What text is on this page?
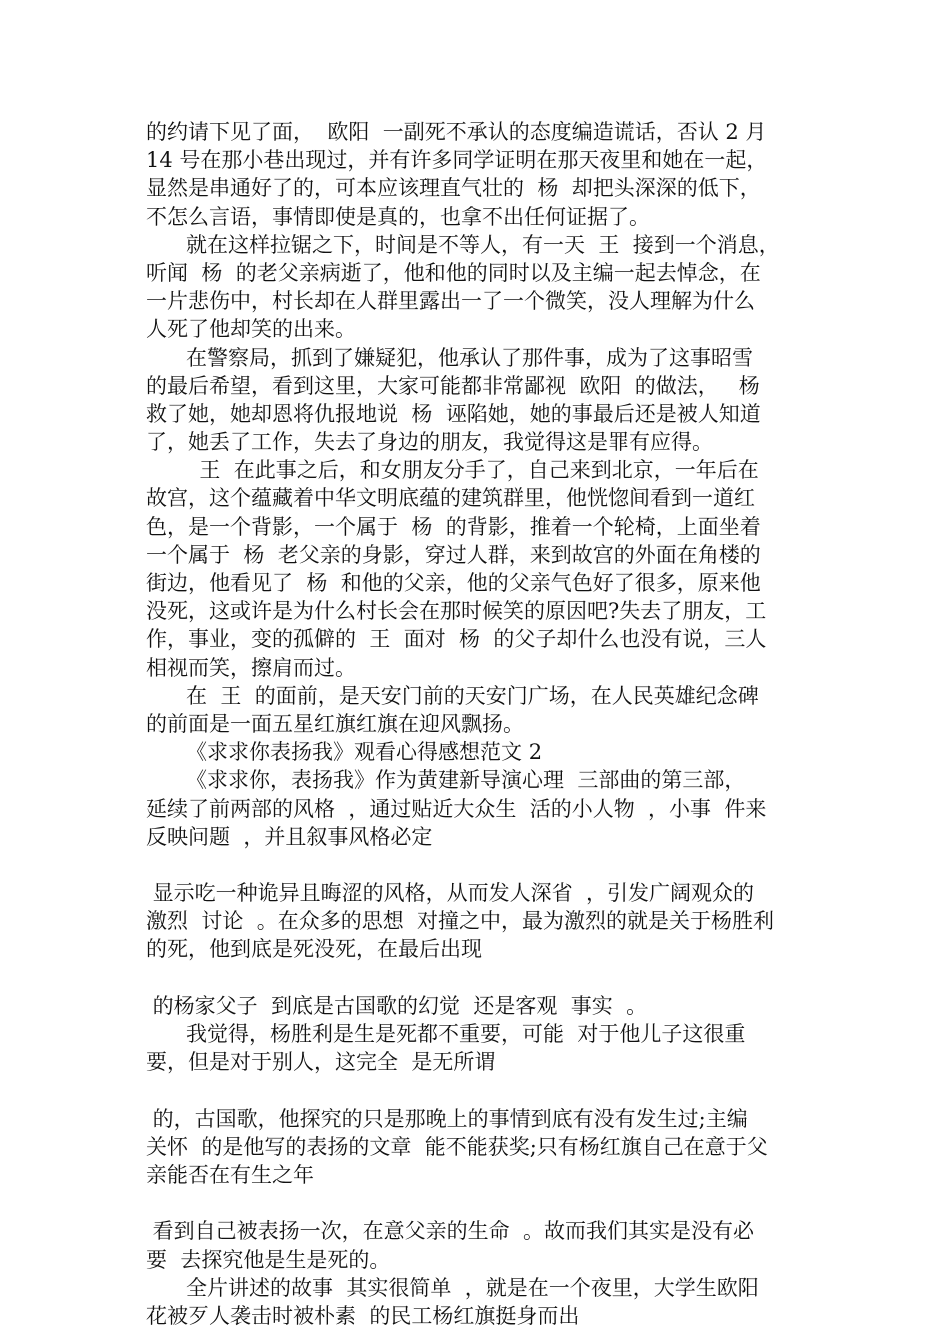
的约请下见了面，  欧阳  一副死不承认的态度编造谎话，否认 2 月
14 号在那小巷出现过，并有许多同学证明在那天夜里和她在一起，
显然是串通好了的，可本应该理直气壮的  杨  却把头深深的低下，
不怎么言语，事情即使是真的，也拿不出任何证据了。
就在这样拉锯之下，时间是不等人，有一天  王  接到一个消息，
听闻  杨  的老父亲病逝了，他和他的同时以及主编一起去悼念，在
一片悲伤中，村长却在人群里露出一了一个微笑，没人理解为什么
人死了他却笑的出来。
在警察局，抓到了嫌疑犯，他承认了那件事，成为了这事昭雪
的最后希望，看到这里，大家可能都非常鄙视  欧阳  的做法，   杨
救了她，她却恩将仇报地说  杨  诬陷她，她的事最后还是被人知道
了，她丢了工作，失去了身边的朋友，我觉得这是罪有应得。
王  在此事之后，和女朋友分手了，自己来到北京，一年后在
故宫，这个蕴藏着中华文明底蕴的建筑群里，他恍惚间看到一道红
色，是一个背影，一个属于  杨  的背影，推着一个轮椅，上面坐着
一个属于  杨  老父亲的身影，穿过人群，来到故宫的外面在角楼的
街边，他看见了  杨  和他的父亲，他的父亲气色好了很多，原来他
没死，这或许是为什么村长会在那时候笑的原因吧?失去了朋友，工
作，事业，变的孤僻的  王  面对  杨  的父子却什么也没有说，三人
相视而笑，擦肩而过。
在  王  的面前，是天安门前的天安门广场，在人民英雄纪念碑
的前面是一面五星红旗红旗在迎风飘扬。
《求求你表扬我》观看心得感想范文 2
《求求你，表扬我》作为黄建新导演心理  三部曲的第三部，
延续了前两部的风格  ，通过贴近大众生  活的小人物  ，小事  件来
反映问题  ，并且叙事风格必定
显示吃一种诡异且晦涩的风格，从而发人深省  ，引发广阔观众的
激烈  讨论  。在众多的思想  对撞之中，最为激烈的就是关于杨胜利
的死，他到底是死没死，在最后出现
的杨家父子  到底是古国歌的幻觉  还是客观  事实  。
我觉得，杨胜利是生是死都不重要，可能  对于他儿子这很重
要，但是对于别人，这完全  是无所谓
的，古国歌，他探究的只是那晚上的事情到底有没有发生过;主编
关怀  的是他写的表扬的文章  能不能获奖;只有杨红旗自己在意于父
亲能否在有生之年
看到自己被表扬一次，在意父亲的生命  。故而我们其实是没有必
要  去探究他是生是死的。
全片讲述的故事  其实很简单  ，就是在一个夜里，大学生欧阳
花被歹人袭击时被朴素  的民工杨红旗挺身而出
